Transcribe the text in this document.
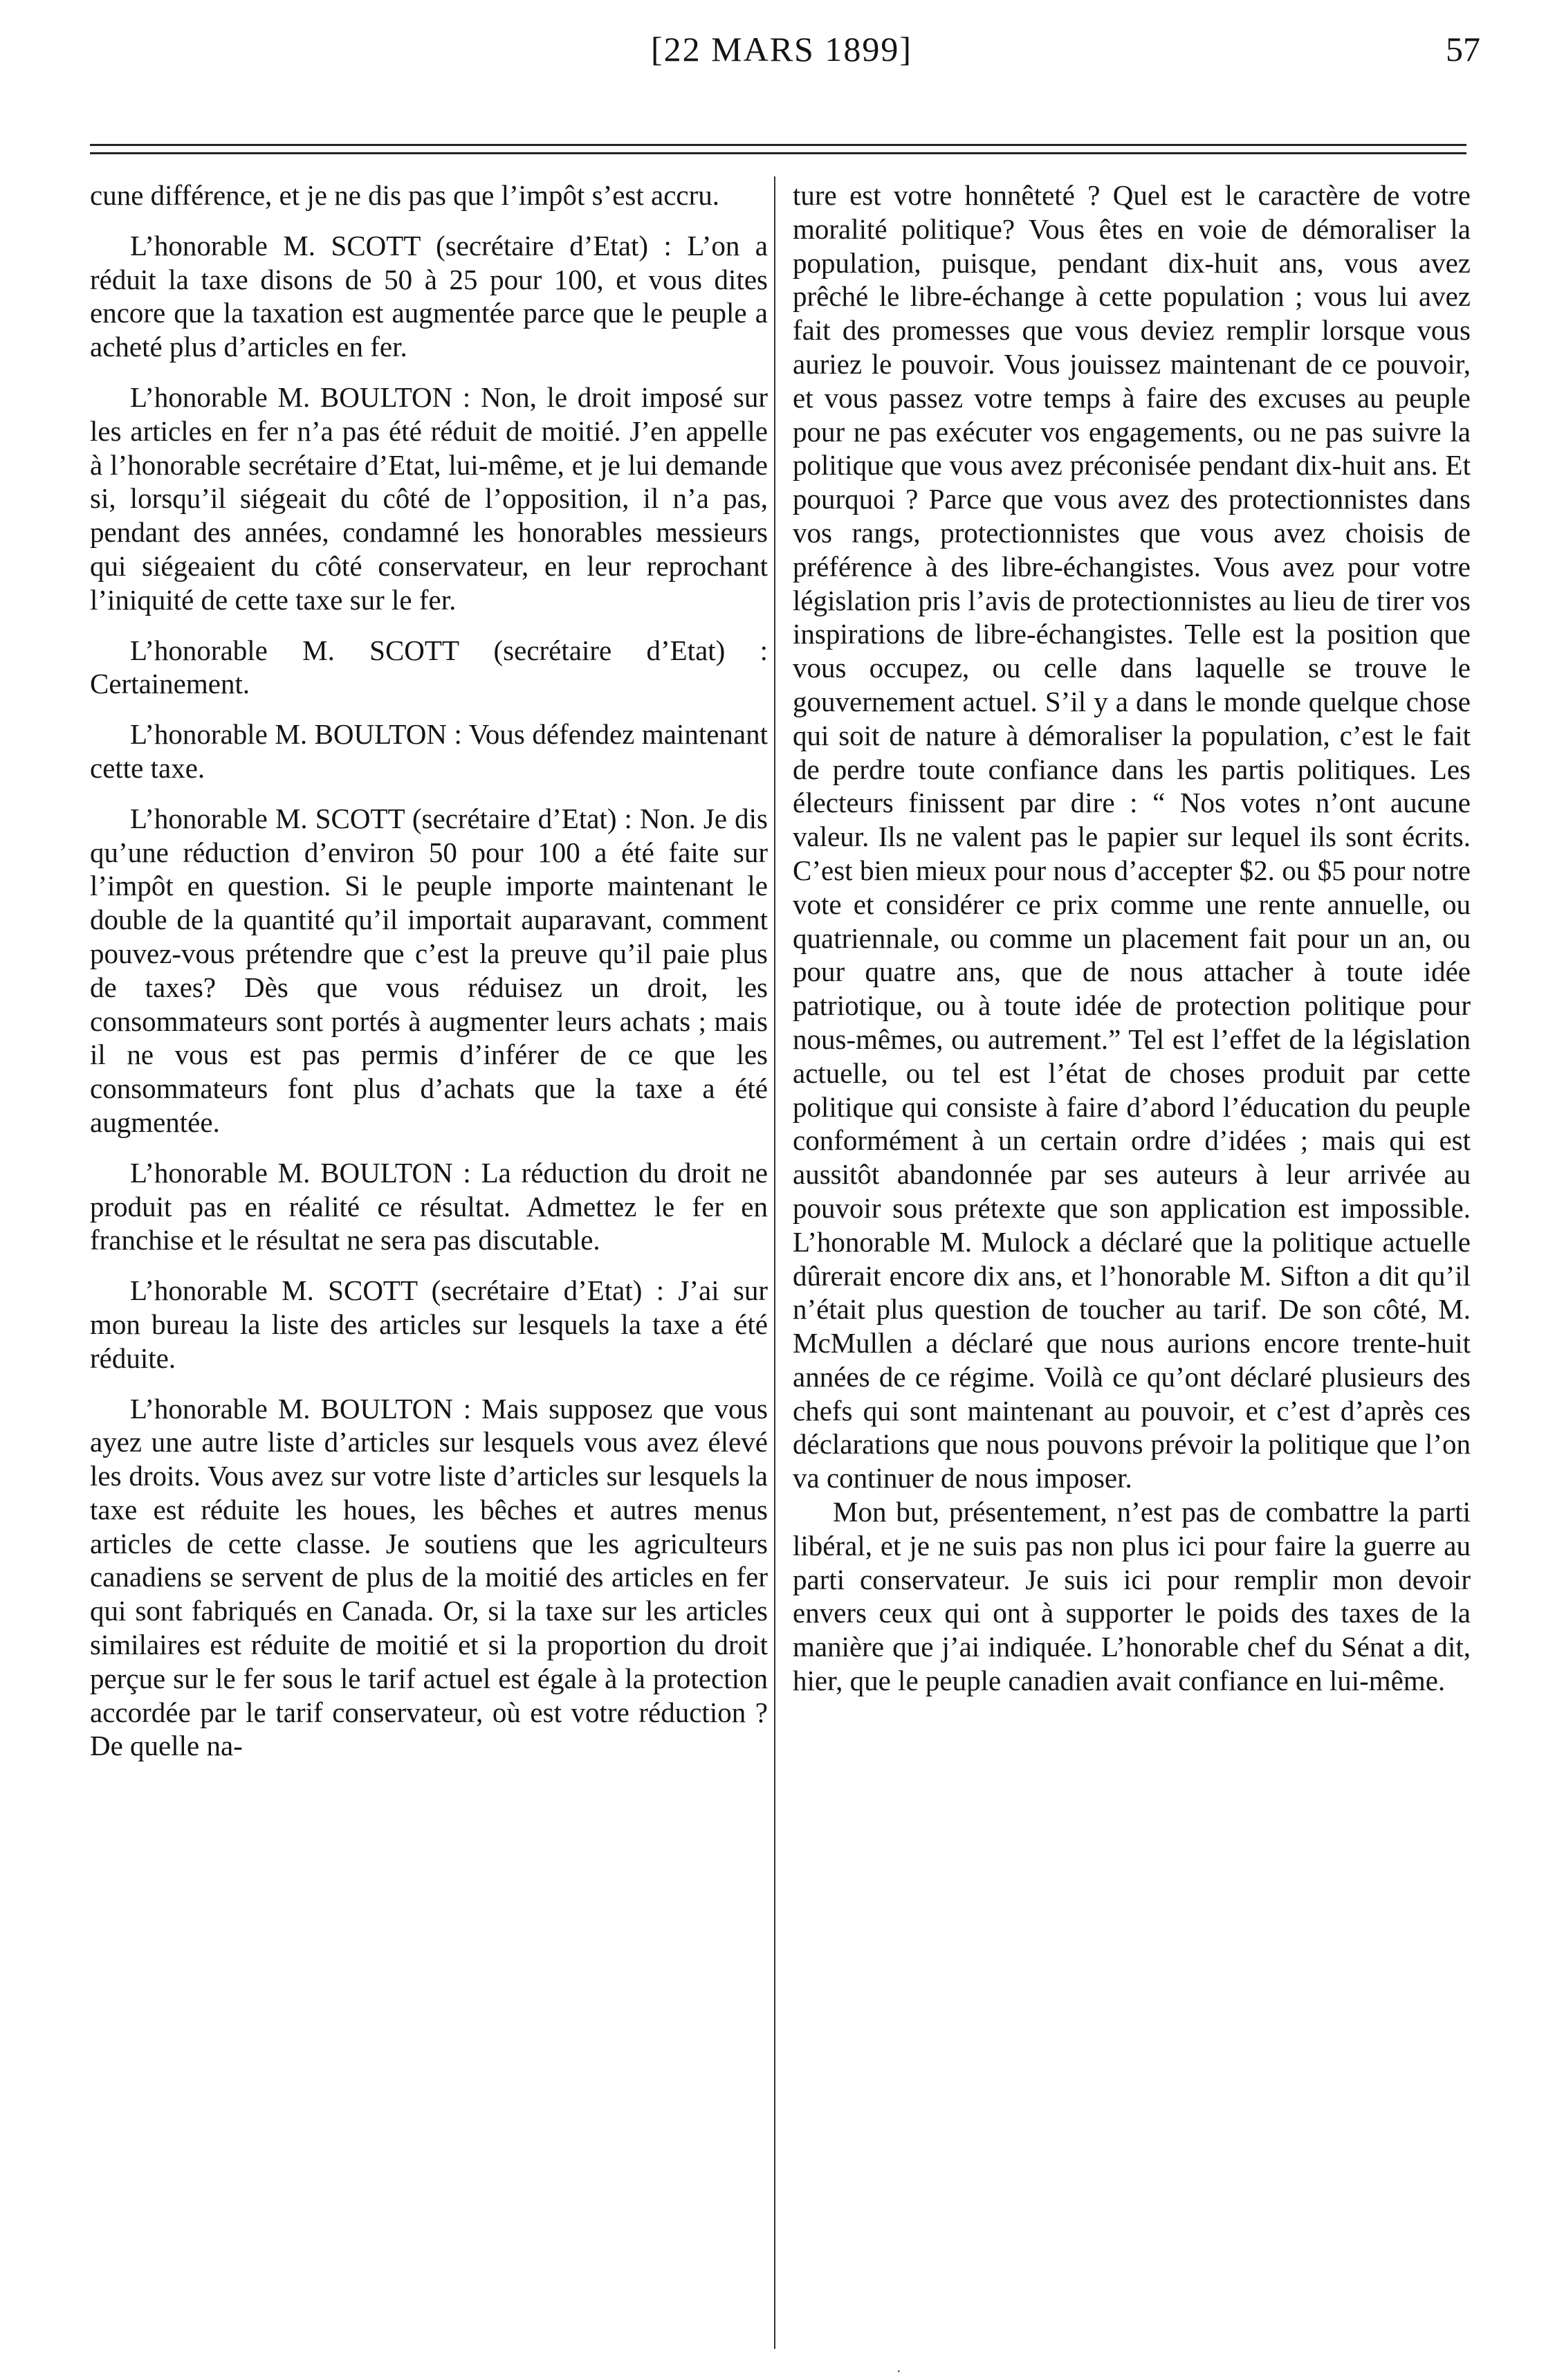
[22 MARS 1899]	57

cune différence, et je ne dis pas que l’impôt s’est accru.

L’honorable M. SCOTT (secrétaire d’Etat) : L’on a réduit la taxe disons de 50 à 25 pour 100, et vous dites encore que la taxation est augmentée parce que le peuple a acheté plus d’articles en fer.

L’honorable M. BOULTON : Non, le droit imposé sur les articles en fer n’a pas été réduit de moitié. J’en appelle à l’honorable secrétaire d’Etat, lui-même, et je lui demande si, lorsqu’il siégeait du côté de l’opposition, il n’a pas, pendant des années, condamné les honorables messieurs qui siégeaient du côté conservateur, en leur reprochant l’iniquité de cette taxe sur le fer.

L’honorable M. SCOTT (secrétaire d’Etat) : Certainement.

L’honorable M. BOULTON : Vous défendez maintenant cette taxe.

L’honorable M. SCOTT (secrétaire d’Etat) : Non. Je dis qu’une réduction d’environ 50 pour 100 a été faite sur l’impôt en question. Si le peuple importe maintenant le double de la quantité qu’il importait auparavant, comment pouvez-vous prétendre que c’est la preuve qu’il paie plus de taxes? Dès que vous réduisez un droit, les consommateurs sont portés à augmenter leurs achats ; mais il ne vous est pas permis d’inférer de ce que les consommateurs font plus d’achats que la taxe a été augmentée.

L’honorable M. BOULTON : La réduction du droit ne produit pas en réalité ce résultat. Admettez le fer en franchise et le résultat ne sera pas discutable.

L’honorable M. SCOTT (secrétaire d’Etat) : J’ai sur mon bureau la liste des articles sur lesquels la taxe a été réduite.

L’honorable M. BOULTON : Mais supposez que vous ayez une autre liste d’articles sur lesquels vous avez élevé les droits. Vous avez sur votre liste d’articles sur lesquels la taxe est réduite les houes, les bêches et autres menus articles de cette classe. Je soutiens que les agriculteurs canadiens se servent de plus de la moitié des articles en fer qui sont fabriqués en Canada. Or, si la taxe sur les articles similaires est réduite de moitié et si la proportion du droit perçue sur le fer sous le tarif actuel est égale à la protection accordée par le tarif conservateur, où est votre réduction ? De quelle na-

ture est votre honnêteté ? Quel est le caractère de votre moralité politique? Vous êtes en voie de démoraliser la population, puisque, pendant dix-huit ans, vous avez prêché le libre-échange à cette population ; vous lui avez fait des promesses que vous deviez remplir lorsque vous auriez le pouvoir. Vous jouissez maintenant de ce pouvoir, et vous passez votre temps à faire des excuses au peuple pour ne pas exécuter vos engagements, ou ne pas suivre la politique que vous avez préconisée pendant dix-huit ans. Et pourquoi ? Parce que vous avez des protectionnistes dans vos rangs, protectionnistes que vous avez choisis de préférence à des libre-échangistes. Vous avez pour votre législation pris l’avis de protectionnistes au lieu de tirer vos inspirations de libre-échangistes. Telle est la position que vous occupez, ou celle dans laquelle se trouve le gouvernement actuel. S’il y a dans le monde quelque chose qui soit de nature à démoraliser la population, c’est le fait de perdre toute confiance dans les partis politiques. Les électeurs finissent par dire : “ Nos votes n’ont aucune valeur. Ils ne valent pas le papier sur lequel ils sont écrits. C’est bien mieux pour nous d’accepter $2. ou $5 pour notre vote et considérer ce prix comme une rente annuelle, ou quatriennale, ou comme un placement fait pour un an, ou pour quatre ans, que de nous attacher à toute idée patriotique, ou à toute idée de protection politique pour nous-mêmes, ou autrement.” Tel est l’effet de la législation actuelle, ou tel est l’état de choses produit par cette politique qui consiste à faire d’abord l’éducation du peuple conformément à un certain ordre d’idées ; mais qui est aussitôt abandonnée par ses auteurs à leur arrivée au pouvoir sous prétexte que son application est impossible. L’honorable M. Mulock a déclaré que la politique actuelle dûrerait encore dix ans, et l’honorable M. Sifton a dit qu’il n’était plus question de toucher au tarif. De son côté, M. McMullen a déclaré que nous aurions encore trente-huit années de ce régime. Voilà ce qu’ont déclaré plusieurs des chefs qui sont maintenant au pouvoir, et c’est d’après ces déclarations que nous pouvons prévoir la politique que l’on va continuer de nous imposer.

Mon but, présentement, n’est pas de combattre la parti libéral, et je ne suis pas non plus ici pour faire la guerre au parti conservateur. Je suis ici pour remplir mon devoir envers ceux qui ont à supporter le poids des taxes de la manière que j’ai indiquée. L’honorable chef du Sénat a dit, hier, que le peuple canadien avait confiance en lui-même.

·
